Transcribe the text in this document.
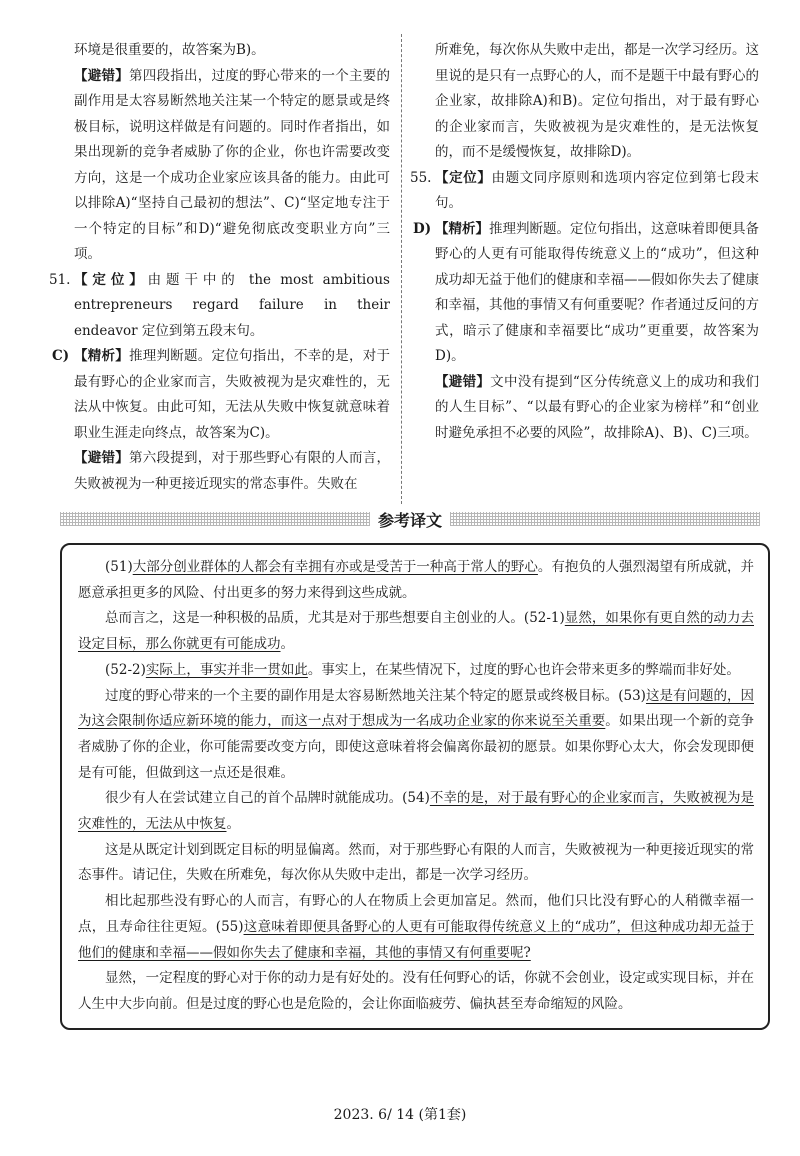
环境是很重要的，故答案为B)。

【避错】第四段指出，过度的野心带来的一个主要的副作用是太容易断然地关注某一个特定的愿景或是终极目标，说明这样做是有问题的。同时作者指出，如果出现新的竞争者威胁了你的企业，你也许需要改变方向，这是一个成功企业家应该具备的能力。由此可以排除A)“坚持自己最初的想法”、C)“坚定地专注于一个特定的目标”和D)“避免彻底改变职业方向”三项。

51. 【定位】由题干中的 the most ambitious entrepreneurs regard failure in their endeavor 定位到第五段末句。

C) 【精析】推理判断题。定位句指出，不幸的是，对于最有野心的企业家而言，失败被视为是灾难性的，无法从中恢复。由此可知，无法从失败中恢复就意味着职业生涯走向终点，故答案为C)。

【避错】第六段提到，对于那些野心有限的人而言，失败被视为一种更接近现实的常态事件。失败在

所难免，每次你从失败中走出，都是一次学习经历。这里说的是只有一点野心的人，而不是题干中最有野心的企业家，故排除A)和B)。定位句指出，对于最有野心的企业家而言，失败被视为是灾难性的，是无法恢复的，而不是缓慢恢复，故排除D)。

55. 【定位】由题文同序原则和选项内容定位到第七段末句。

D) 【精析】推理判断题。定位句指出，这意味着即便具备野心的人更有可能取得传统意义上的“成功”，但这种成功却无益于他们的健康和幸福——假如你失去了健康和幸福，其他的事情又有何重要呢？作者通过反问的方式，暗示了健康和幸福要比“成功”更重要，故答案为D)。

【避错】文中没有提到“区分传统意义上的成功和我们的人生目标”、“以最有野心的企业家为榜样”和“创业时避免承担不必要的风险”，故排除A)、B)、C)三项。

参考译文

(51)大部分创业群体的人都会有幸拥有亦或是受苦于一种高于常人的野心。有抱负的人强烈渴望有所成就，并愿意承担更多的风险、付出更多的努力来得到这些成就。

总而言之，这是一种积极的品质，尤其是对于那些想要自主创业的人。(52-1)显然，如果你有更自然的动力去设定目标，那么你就更有可能成功。

(52-2)实际上，事实并非一贯如此。事实上，在某些情况下，过度的野心也许会带来更多的弊端而非好处。

过度的野心带来的一个主要的副作用是太容易断然地关注某个特定的愿景或终极目标。(53)这是有问题的，因为这会限制你适应新环境的能力，而这一点对于想成为一名成功企业家的你来说至关重要。如果出现一个新的竞争者威胁了你的企业，你可能需要改变方向，即使这意味着将会偏离你最初的愿景。如果你野心太大，你会发现即便是有可能，但做到这一点还是很难。

很少有人在尝试建立自己的首个品牌时就能成功。(54)不幸的是，对于最有野心的企业家而言，失败被视为是灾难性的，无法从中恢复。

这是从既定计划到既定目标的明显偏离。然而，对于那些野心有限的人而言，失败被视为一种更接近现实的常态事件。请记住，失败在所难免，每次你从失败中走出，都是一次学习经历。

相比起那些没有野心的人而言，有野心的人在物质上会更加富足。然而，他们只比没有野心的人稍微幸福一点，且寿命往往更短。(55)这意味着即便具备野心的人更有可能取得传统意义上的“成功”，但这种成功却无益于他们的健康和幸福——假如你失去了健康和幸福，其他的事情又有何重要呢?

显然，一定程度的野心对于你的动力是有好处的。没有任何野心的话，你就不会创业，设定或实现目标，并在人生中大步向前。但是过度的野心也是危险的，会让你面临疲劳、偏执甚至寿命缩短的风险。

2023. 6/ 14 (第1套)
